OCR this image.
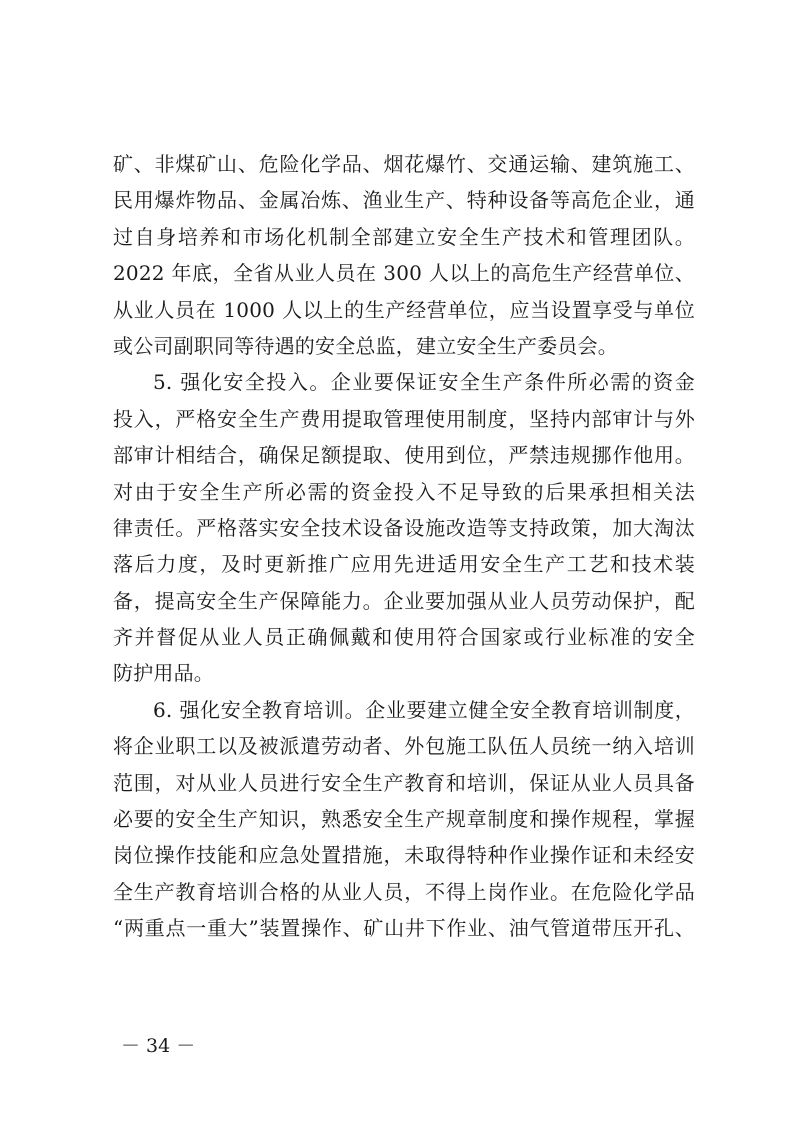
矿、非煤矿山、危险化学品、烟花爆竹、交通运输、建筑施工、
民用爆炸物品、金属冶炼、渔业生产、特种设备等高危企业，通
过自身培养和市场化机制全部建立安全生产技术和管理团队。
2022 年底，全省从业人员在 300 人以上的高危生产经营单位、
从业人员在 1000 人以上的生产经营单位，应当设置享受与单位
或公司副职同等待遇的安全总监，建立安全生产委员会。
5. 强化安全投入。企业要保证安全生产条件所必需的资金
投入，严格安全生产费用提取管理使用制度，坚持内部审计与外
部审计相结合，确保足额提取、使用到位，严禁违规挪作他用。
对由于安全生产所必需的资金投入不足导致的后果承担相关法
律责任。严格落实安全技术设备设施改造等支持政策，加大淘汰
落后力度，及时更新推广应用先进适用安全生产工艺和技术装
备，提高安全生产保障能力。企业要加强从业人员劳动保护，配
齐并督促从业人员正确佩戴和使用符合国家或行业标准的安全
防护用品。
6. 强化安全教育培训。企业要建立健全安全教育培训制度，
将企业职工以及被派遣劳动者、外包施工队伍人员统一纳入培训
范围，对从业人员进行安全生产教育和培训，保证从业人员具备
必要的安全生产知识，熟悉安全生产规章制度和操作规程，掌握
岗位操作技能和应急处置措施，未取得特种作业操作证和未经安
全生产教育培训合格的从业人员，不得上岗作业。在危险化学品
“两重点一重大”装置操作、矿山井下作业、油气管道带压开孔、
－ 34 －
